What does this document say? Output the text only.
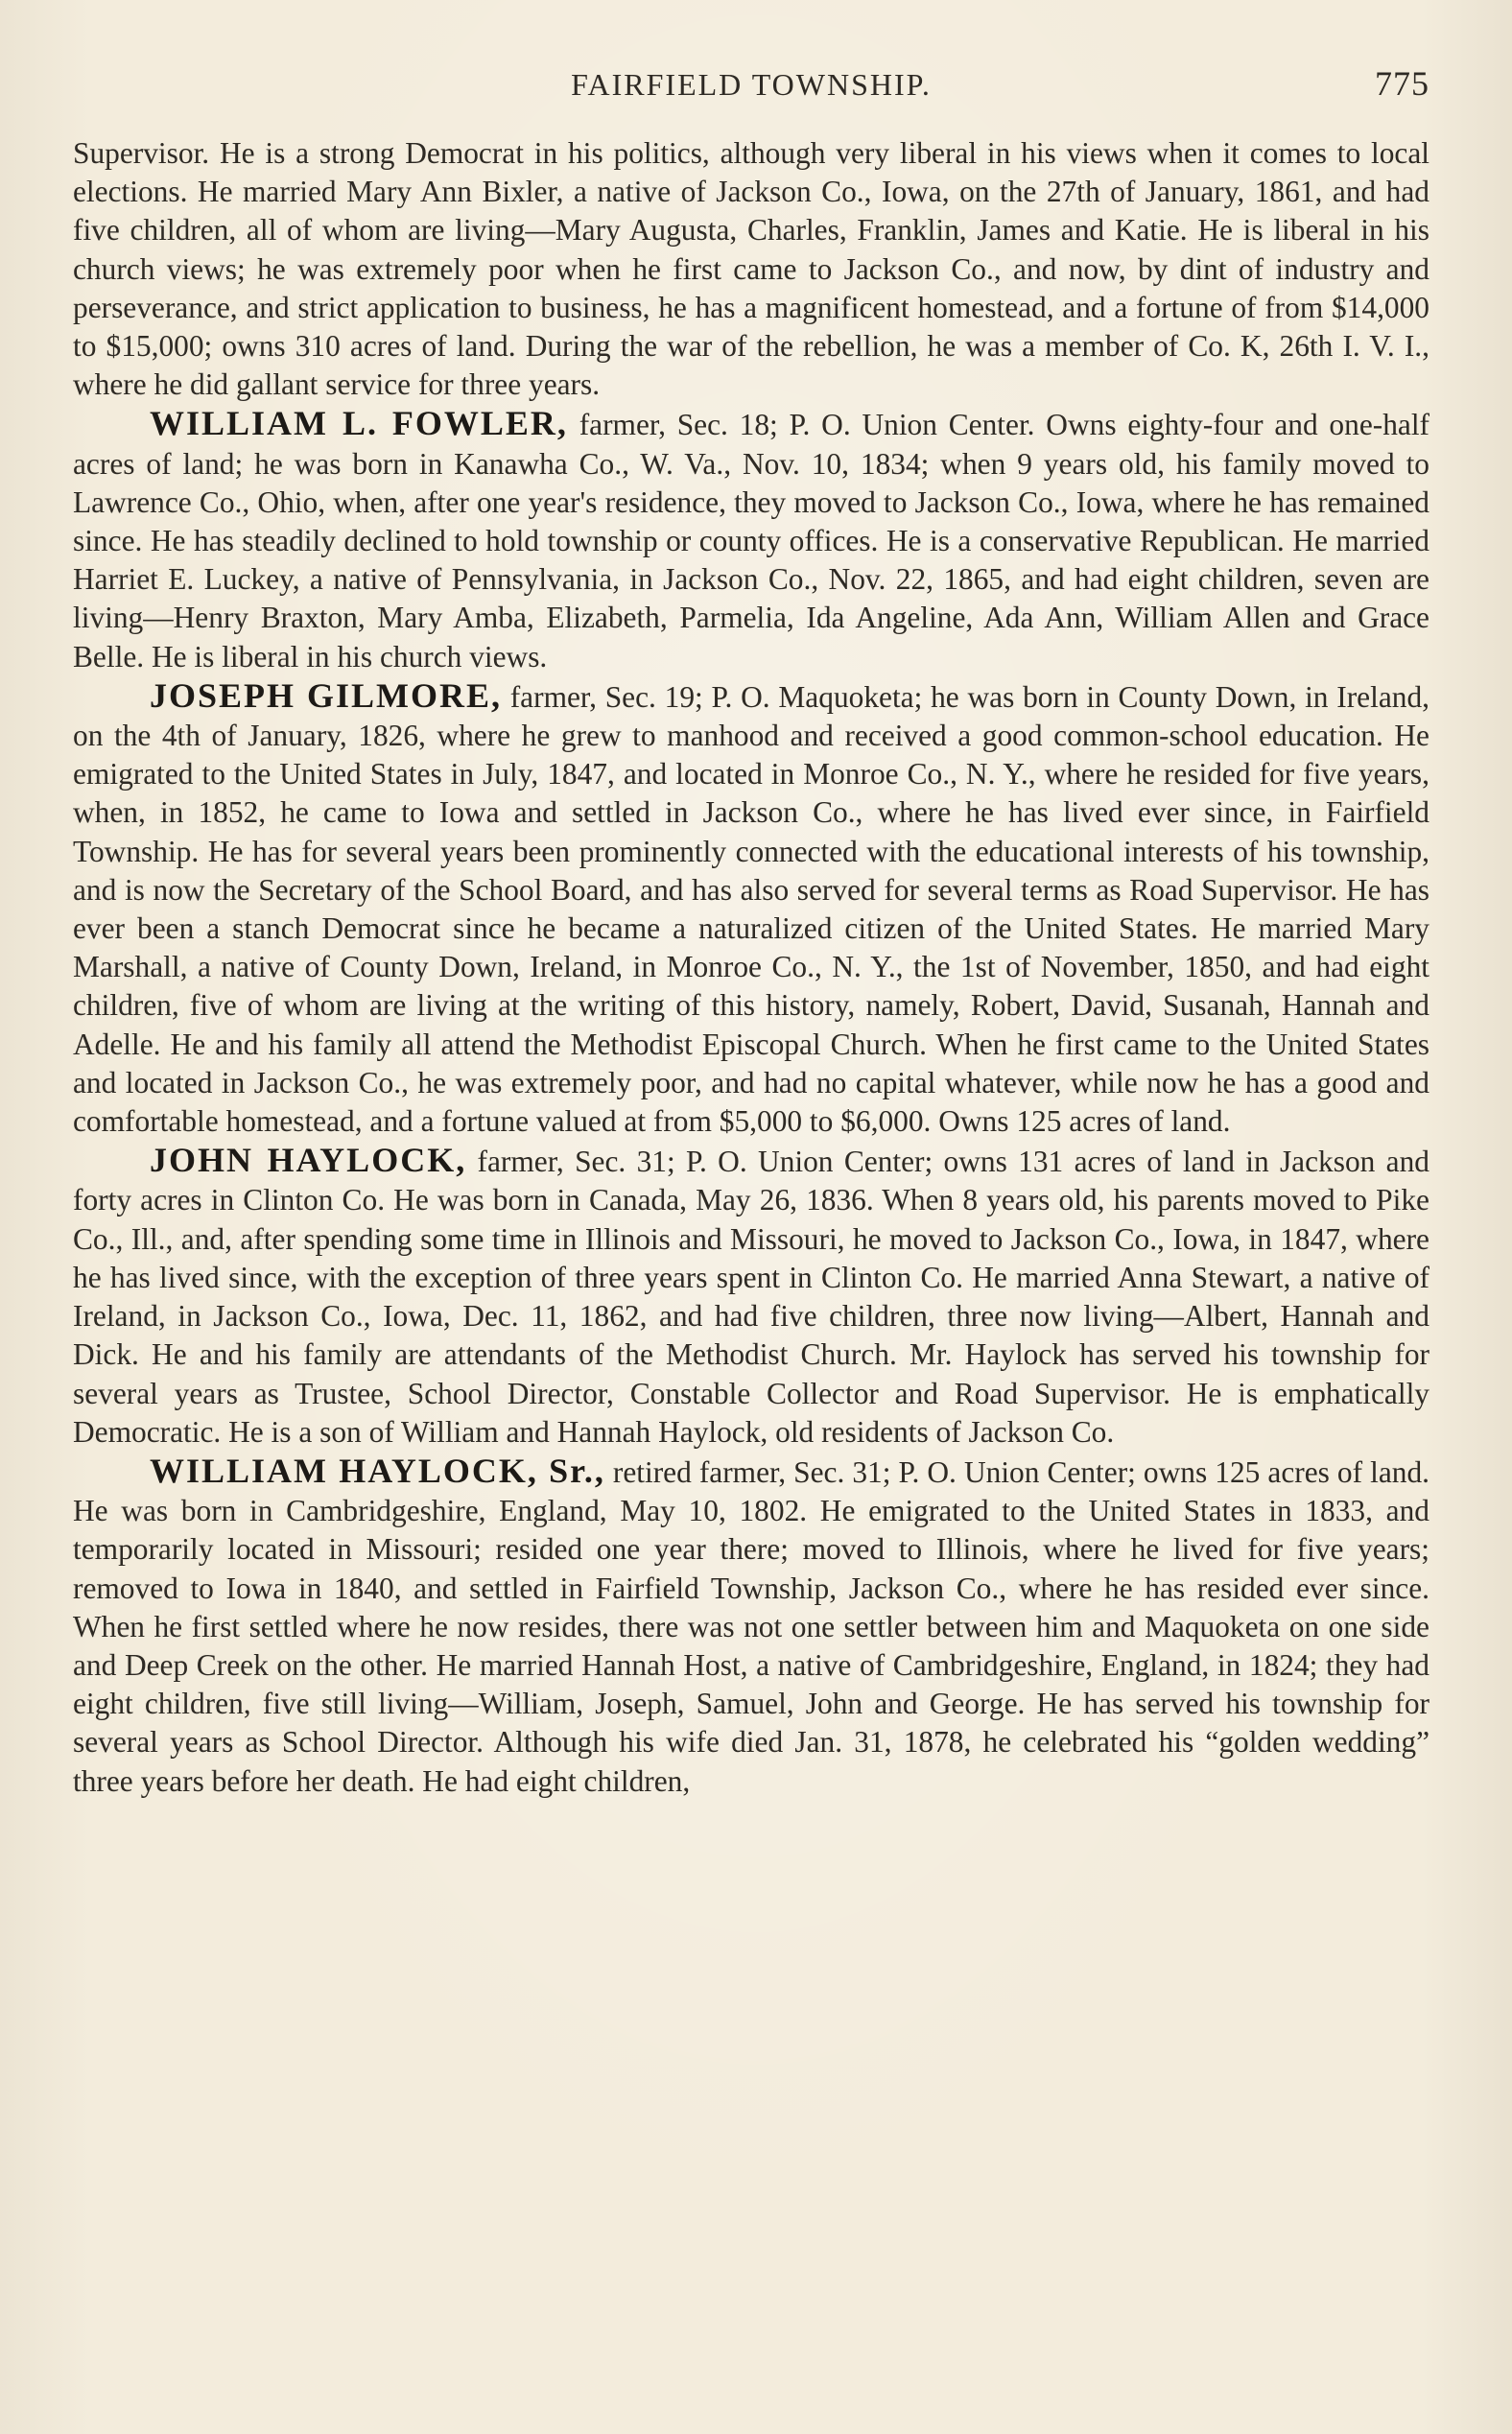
FAIRFIELD TOWNSHIP.	775

Supervisor. He is a strong Democrat in his politics, although very liberal in his views when it comes to local elections. He married Mary Ann Bixler, a native of Jackson Co., Iowa, on the 27th of January, 1861, and had five children, all of whom are living—Mary Augusta, Charles, Franklin, James and Katie. He is liberal in his church views; he was extremely poor when he first came to Jackson Co., and now, by dint of industry and perseverance, and strict application to business, he has a magnificent homestead, and a fortune of from $14,000 to $15,000; owns 310 acres of land. During the war of the rebellion, he was a member of Co. K, 26th I. V. I., where he did gallant service for three years.

WILLIAM L. FOWLER, farmer, Sec. 18; P. O. Union Center. Owns eighty-four and one-half acres of land; he was born in Kanawha Co., W. Va., Nov. 10, 1834; when 9 years old, his family moved to Lawrence Co., Ohio, when, after one year's residence, they moved to Jackson Co., Iowa, where he has remained since. He has steadily declined to hold township or county offices. He is a conservative Republican. He married Harriet E. Luckey, a native of Pennsylvania, in Jackson Co., Nov. 22, 1865, and had eight children, seven are living—Henry Braxton, Mary Amba, Elizabeth, Parmelia, Ida Angeline, Ada Ann, William Allen and Grace Belle. He is liberal in his church views.

JOSEPH GILMORE, farmer, Sec. 19; P. O. Maquoketa; he was born in County Down, in Ireland, on the 4th of January, 1826, where he grew to manhood and received a good common-school education. He emigrated to the United States in July, 1847, and located in Monroe Co., N. Y., where he resided for five years, when, in 1852, he came to Iowa and settled in Jackson Co., where he has lived ever since, in Fairfield Township. He has for several years been prominently connected with the educational interests of his township, and is now the Secretary of the School Board, and has also served for several terms as Road Supervisor. He has ever been a stanch Democrat since he became a naturalized citizen of the United States. He married Mary Marshall, a native of County Down, Ireland, in Monroe Co., N. Y., the 1st of November, 1850, and had eight children, five of whom are living at the writing of this history, namely, Robert, David, Susanah, Hannah and Adelle. He and his family all attend the Methodist Episcopal Church. When he first came to the United States and located in Jackson Co., he was extremely poor, and had no capital whatever, while now he has a good and comfortable homestead, and a fortune valued at from $5,000 to $6,000. Owns 125 acres of land.

JOHN HAYLOCK, farmer, Sec. 31; P. O. Union Center; owns 131 acres of land in Jackson and forty acres in Clinton Co. He was born in Canada, May 26, 1836. When 8 years old, his parents moved to Pike Co., Ill., and, after spending some time in Illinois and Missouri, he moved to Jackson Co., Iowa, in 1847, where he has lived since, with the exception of three years spent in Clinton Co. He married Anna Stewart, a native of Ireland, in Jackson Co., Iowa, Dec. 11, 1862, and had five children, three now living—Albert, Hannah and Dick. He and his family are attendants of the Methodist Church. Mr. Haylock has served his township for several years as Trustee, School Director, Constable Collector and Road Supervisor. He is emphatically Democratic. He is a son of William and Hannah Haylock, old residents of Jackson Co.

WILLIAM HAYLOCK, Sr., retired farmer, Sec. 31; P. O. Union Center; owns 125 acres of land. He was born in Cambridgeshire, England, May 10, 1802. He emigrated to the United States in 1833, and temporarily located in Missouri; resided one year there; moved to Illinois, where he lived for five years; removed to Iowa in 1840, and settled in Fairfield Township, Jackson Co., where he has resided ever since. When he first settled where he now resides, there was not one settler between him and Maquoketa on one side and Deep Creek on the other. He married Hannah Host, a native of Cambridgeshire, England, in 1824; they had eight children, five still living—William, Joseph, Samuel, John and George. He has served his township for several years as School Director. Although his wife died Jan. 31, 1878, he celebrated his “golden wedding” three years before her death. He had eight children,
